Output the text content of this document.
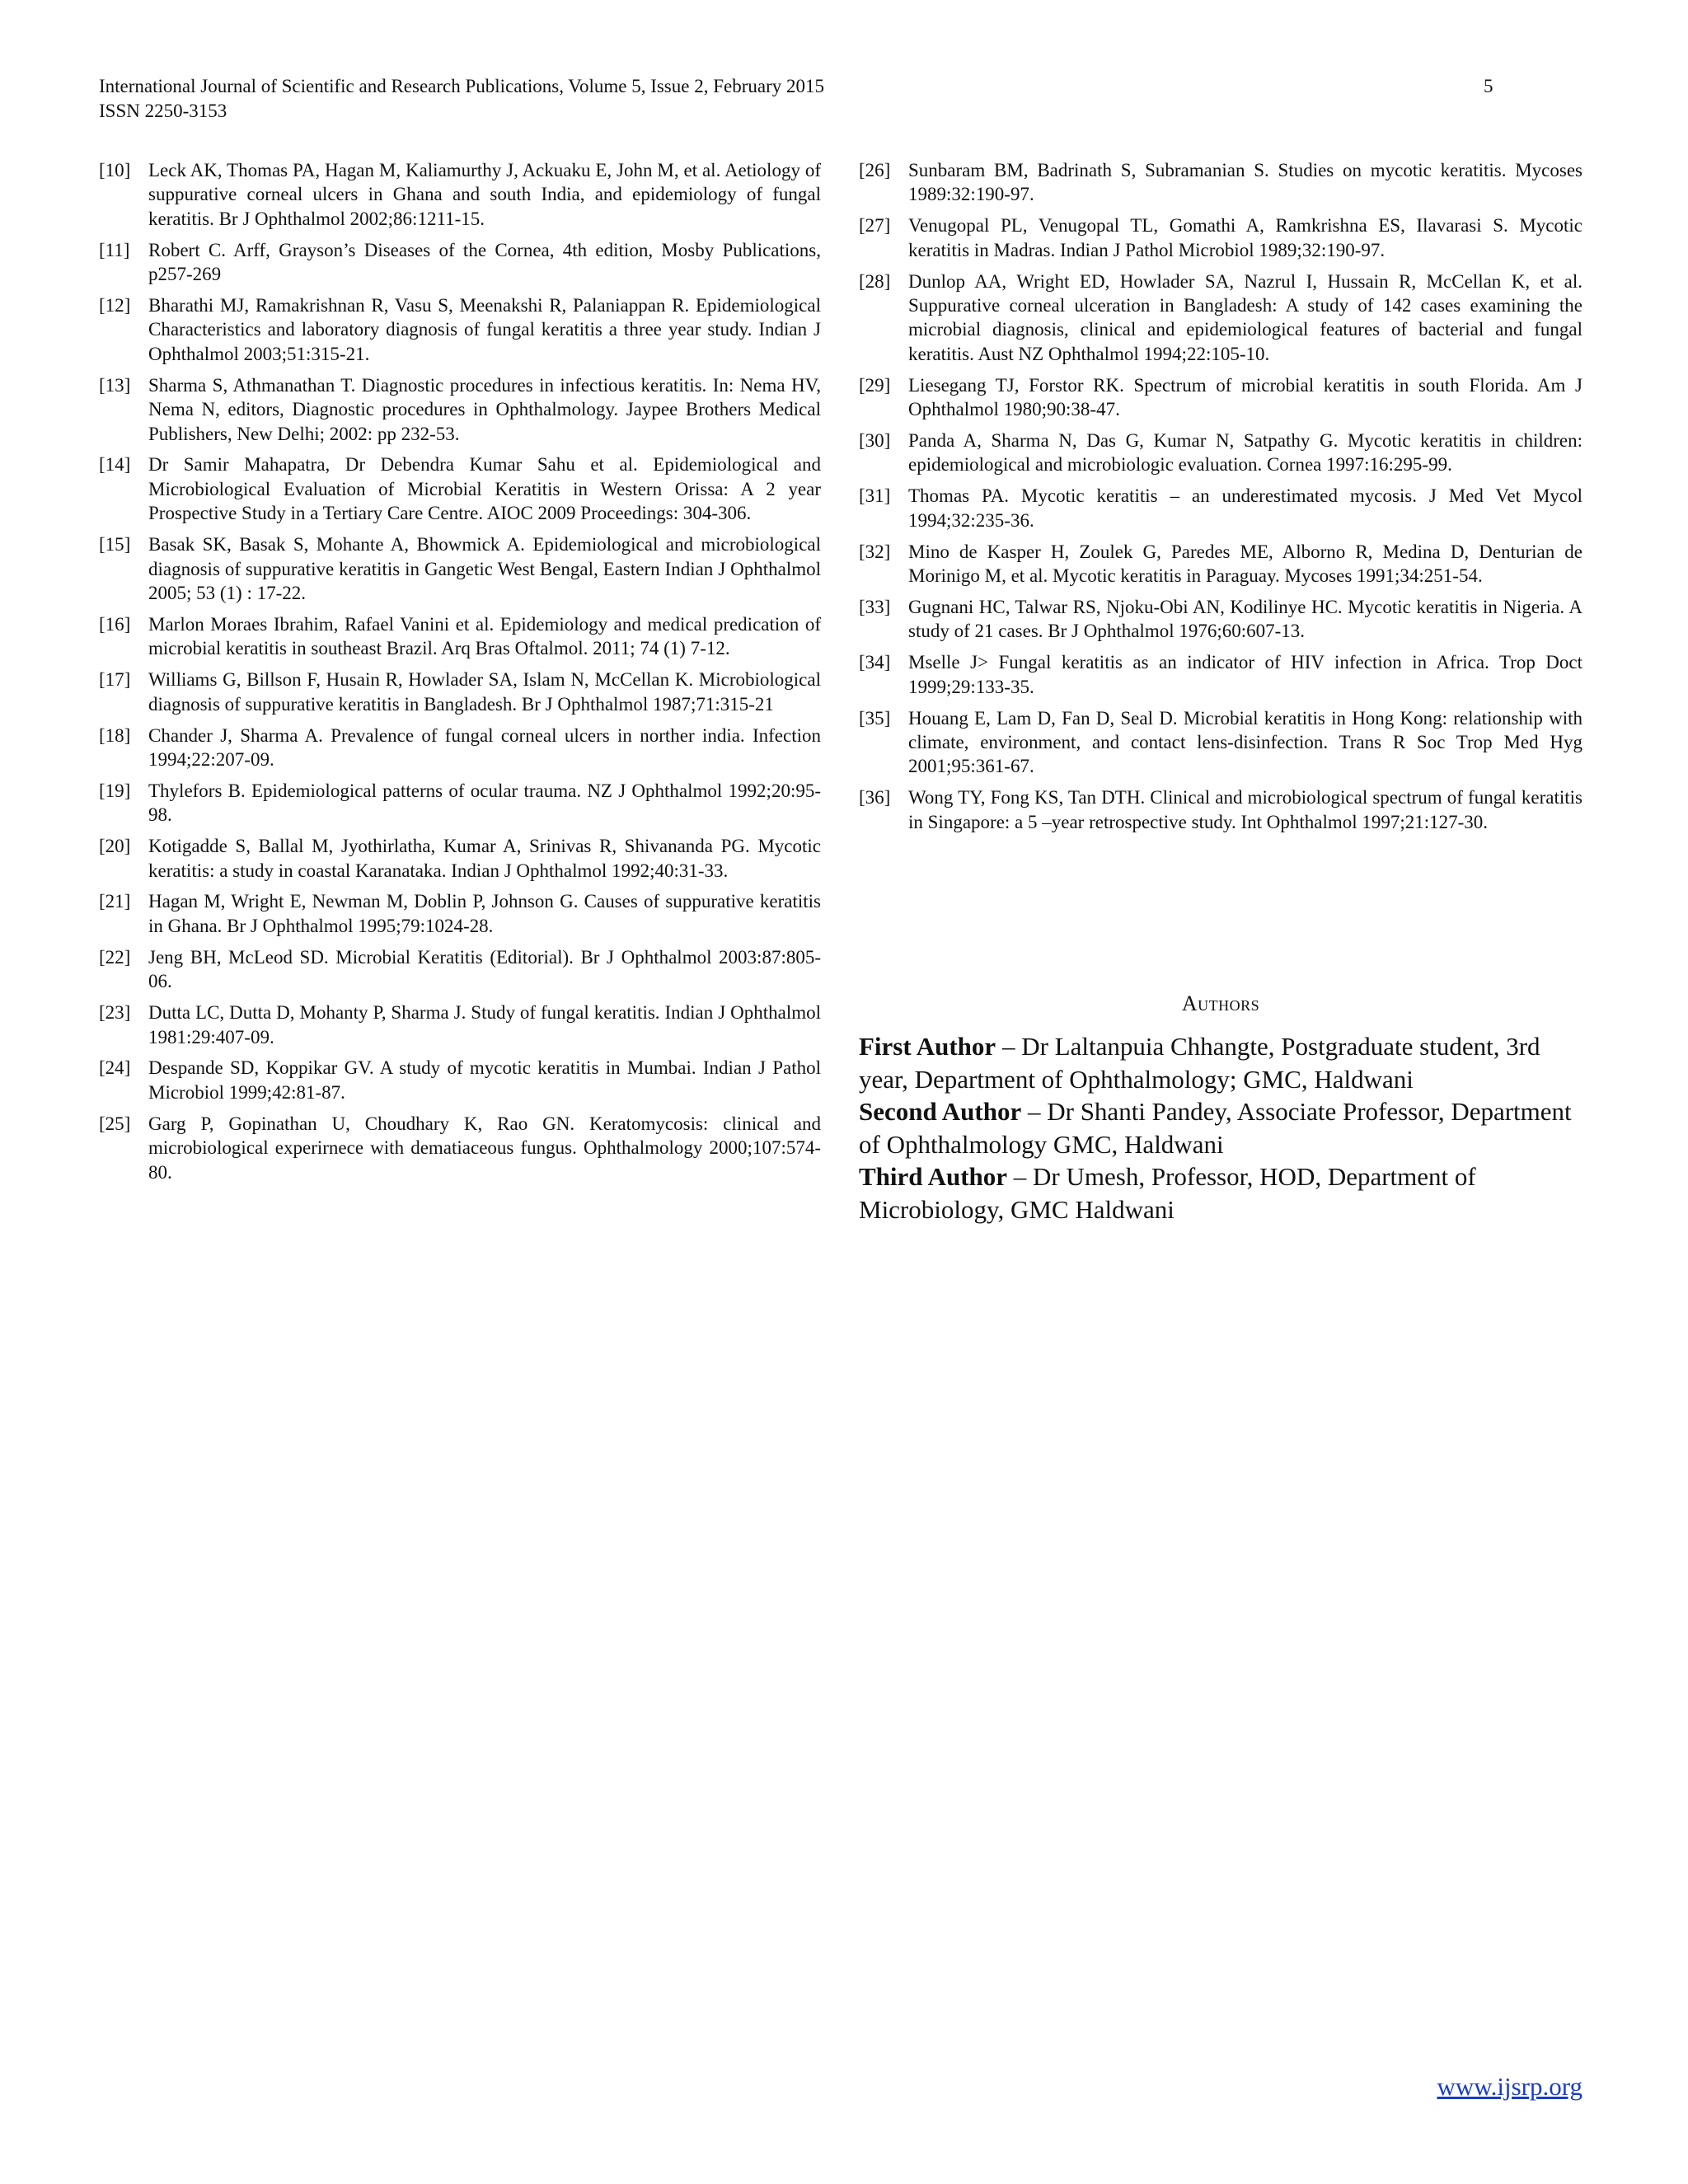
International Journal of Scientific and Research Publications, Volume 5, Issue 2, February 2015
ISSN 2250-3153
5

[10] Leck AK, Thomas PA, Hagan M, Kaliamurthy J, Ackuaku E, John M, et al. Aetiology of suppurative corneal ulcers in Ghana and south India, and epidemiology of fungal keratitis. Br J Ophthalmol 2002;86:1211-15.

[11] Robert C. Arff, Grayson’s Diseases of the Cornea, 4th edition, Mosby Publications, p257-269

[12] Bharathi MJ, Ramakrishnan R, Vasu S, Meenakshi R, Palaniappan R. Epidemiological Characteristics and laboratory diagnosis of fungal keratitis a three year study. Indian J Ophthalmol 2003;51:315-21.

[13] Sharma S, Athmanathan T. Diagnostic procedures in infectious keratitis. In: Nema HV, Nema N, editors, Diagnostic procedures in Ophthalmology. Jaypee Brothers Medical Publishers, New Delhi; 2002: pp 232-53.

[14] Dr Samir Mahapatra, Dr Debendra Kumar Sahu et al. Epidemiological and Microbiological Evaluation of Microbial Keratitis in Western Orissa: A 2 year Prospective Study in a Tertiary Care Centre. AIOC 2009 Proceedings: 304-306.

[15] Basak SK, Basak S, Mohante A, Bhowmick A. Epidemiological and microbiological diagnosis of suppurative keratitis in Gangetic West Bengal, Eastern Indian J Ophthalmol 2005; 53 (1) : 17-22.

[16] Marlon Moraes Ibrahim, Rafael Vanini et al. Epidemiology and medical predication of microbial keratitis in southeast Brazil. Arq Bras Oftalmol. 2011; 74 (1) 7-12.

[17] Williams G, Billson F, Husain R, Howlader SA, Islam N, McCellan K. Microbiological diagnosis of suppurative keratitis in Bangladesh. Br J Ophthalmol 1987;71:315-21

[18] Chander J, Sharma A. Prevalence of fungal corneal ulcers in norther india. Infection 1994;22:207-09.

[19] Thylefors B. Epidemiological patterns of ocular trauma. NZ J Ophthalmol 1992;20:95-98.

[20] Kotigadde S, Ballal M, Jyothirlatha, Kumar A, Srinivas R, Shivananda PG. Mycotic keratitis: a study in coastal Karanataka. Indian J Ophthalmol 1992;40:31-33.

[21] Hagan M, Wright E, Newman M, Doblin P, Johnson G. Causes of suppurative keratitis in Ghana. Br J Ophthalmol 1995;79:1024-28.

[22] Jeng BH, McLeod SD. Microbial Keratitis (Editorial). Br J Ophthalmol 2003:87:805-06.

[23] Dutta LC, Dutta D, Mohanty P, Sharma J. Study of fungal keratitis. Indian J Ophthalmol 1981:29:407-09.

[24] Despande SD, Koppikar GV. A study of mycotic keratitis in Mumbai. Indian J Pathol Microbiol 1999;42:81-87.

[25] Garg P, Gopinathan U, Choudhary K, Rao GN. Keratomycosis: clinical and microbiological experirnece with dematiaceous fungus. Ophthalmology 2000;107:574-80.

[26] Sunbaram BM, Badrinath S, Subramanian S. Studies on mycotic keratitis. Mycoses 1989:32:190-97.

[27] Venugopal PL, Venugopal TL, Gomathi A, Ramkrishna ES, Ilavarasi S. Mycotic keratitis in Madras. Indian J Pathol Microbiol 1989;32:190-97.

[28] Dunlop AA, Wright ED, Howlader SA, Nazrul I, Hussain R, McCellan K, et al. Suppurative corneal ulceration in Bangladesh: A study of 142 cases examining the microbial diagnosis, clinical and epidemiological features of bacterial and fungal keratitis. Aust NZ Ophthalmol 1994;22:105-10.

[29] Liesegang TJ, Forstor RK. Spectrum of microbial keratitis in south Florida. Am J Ophthalmol 1980;90:38-47.

[30] Panda A, Sharma N, Das G, Kumar N, Satpathy G. Mycotic keratitis in children: epidemiological and microbiologic evaluation. Cornea 1997:16:295-99.

[31] Thomas PA. Mycotic keratitis – an underestimated mycosis. J Med Vet Mycol 1994;32:235-36.

[32] Mino de Kasper H, Zoulek G, Paredes ME, Alborno R, Medina D, Denturian de Morinigo M, et al. Mycotic keratitis in Paraguay. Mycoses 1991;34:251-54.

[33] Gugnani HC, Talwar RS, Njoku-Obi AN, Kodilinye HC. Mycotic keratitis in Nigeria. A study of 21 cases. Br J Ophthalmol 1976;60:607-13.

[34] Mselle J> Fungal keratitis as an indicator of HIV infection in Africa. Trop Doct 1999;29:133-35.

[35] Houang E, Lam D, Fan D, Seal D. Microbial keratitis in Hong Kong: relationship with climate, environment, and contact lens-disinfection. Trans R Soc Trop Med Hyg 2001;95:361-67.

[36] Wong TY, Fong KS, Tan DTH. Clinical and microbiological spectrum of fungal keratitis in Singapore: a 5 –year retrospective study. Int Ophthalmol 1997;21:127-30.

Authors

First Author – Dr Laltanpuia Chhangte, Postgraduate student, 3rd year, Department of Ophthalmology; GMC, Haldwani

Second Author – Dr Shanti Pandey, Associate Professor, Department of Ophthalmology GMC, Haldwani

Third Author – Dr Umesh, Professor, HOD, Department of Microbiology, GMC Haldwani

www.ijsrp.org
